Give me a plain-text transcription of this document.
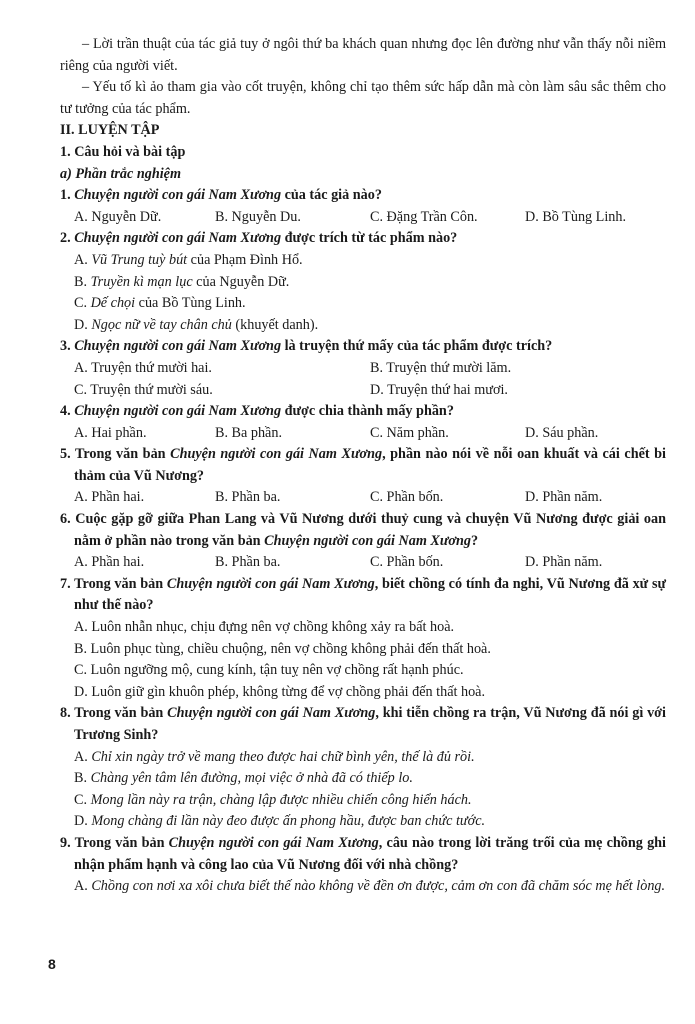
– Lời trần thuật của tác giả tuy ở ngôi thứ ba khách quan nhưng đọc lên đường như vẫn thấy nỗi niềm riêng của người viết.

– Yếu tố kì ảo tham gia vào cốt truyện, không chỉ tạo thêm sức hấp dẫn mà còn làm sâu sắc thêm cho tư tưởng của tác phẩm.

II. LUYỆN TẬP

1. Câu hỏi và bài tập

a) Phần trắc nghiệm

1. Chuyện người con gái Nam Xương của tác giả nào?

A. Nguyễn Dữ.	B. Nguyễn Du.	C. Đặng Trần Côn.	D. Bồ Tùng Linh.

2. Chuyện người con gái Nam Xương được trích từ tác phẩm nào?

A. Vũ Trung tuỳ bút của Phạm Đình Hổ.

B. Truyền kì mạn lục của Nguyễn Dữ.

C. Dế chọi của Bồ Tùng Linh.

D. Ngọc nữ về tay chân chủ (khuyết danh).

3. Chuyện người con gái Nam Xương là truyện thứ mấy của tác phẩm được trích?

A. Truyện thứ mười hai.	B. Truyện thứ mười lăm.
C. Truyện thứ mười sáu.	D. Truyện thứ hai mươi.

4. Chuyện người con gái Nam Xương được chia thành mấy phần?

A. Hai phần.	B. Ba phần.	C. Năm phần.	D. Sáu phần.

5. Trong văn bản Chuyện người con gái Nam Xương, phần nào nói về nỗi oan khuất và cái chết bi thảm của Vũ Nương?

A. Phần hai.	B. Phần ba.	C. Phần bốn.	D. Phần năm.

6. Cuộc gặp gỡ giữa Phan Lang và Vũ Nương dưới thuỷ cung và chuyện Vũ Nương được giải oan nằm ở phần nào trong văn bản Chuyện người con gái Nam Xương?

A. Phần hai.	B. Phần ba.	C. Phần bốn.	D. Phần năm.

7. Trong văn bản Chuyện người con gái Nam Xương, biết chồng có tính đa nghi, Vũ Nương đã xử sự như thế nào?

A. Luôn nhẫn nhục, chịu đựng nên vợ chồng không xảy ra bất hoà.

B. Luôn phục tùng, chiều chuộng, nên vợ chồng không phải đến thất hoà.

C. Luôn ngưỡng mộ, cung kính, tận tuỵ nên vợ chồng rất hạnh phúc.

D. Luôn giữ gìn khuôn phép, không từng để vợ chồng phải đến thất hoà.

8. Trong văn bản Chuyện người con gái Nam Xương, khi tiễn chồng ra trận, Vũ Nương đã nói gì với Trương Sinh?

A. Chỉ xin ngày trở về mang theo được hai chữ bình yên, thế là đủ rồi.

B. Chàng yên tâm lên đường, mọi việc ở nhà đã có thiếp lo.

C. Mong lần này ra trận, chàng lập được nhiều chiến công hiển hách.

D. Mong chàng đi lần này đeo được ấn phong hầu, được ban chức tước.

9. Trong văn bản Chuyện người con gái Nam Xương, câu nào trong lời trăng trối của mẹ chồng ghi nhận phẩm hạnh và công lao của Vũ Nương đối với nhà chồng?

A. Chồng con nơi xa xôi chưa biết thế nào không về đền ơn được, cảm ơn con đã chăm sóc mẹ hết lòng.

8
